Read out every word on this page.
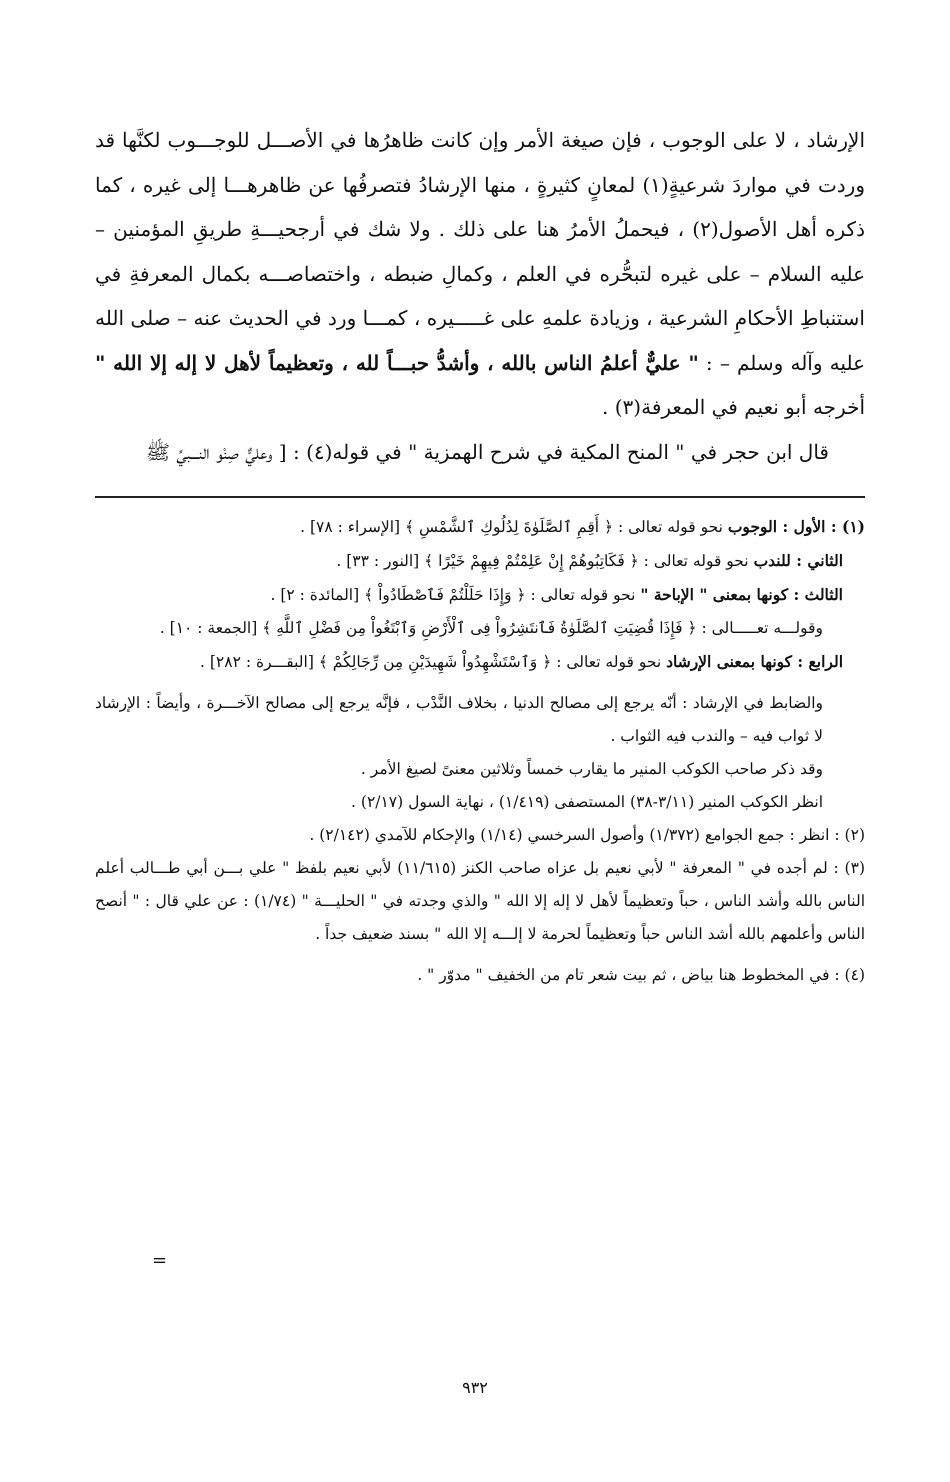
الإرشاد ، لا على الوجوب ، فإن صيغة الأمر وإن كانت ظاهرُها في الأصـــل للوجـــوب لكنَّها قد وردت في مواردَ شرعيةٍ(١) لمعانٍ كثيرةٍ ، منها الإرشادُ فتصرفُها عن ظاهرهـــا إلى غيره ، كما ذكره أهل الأصول(٢) ، فيحملُ الأمرُ هنا على ذلك . ولا شك في أرجحيـــةِ طريقِ المؤمنين – عليه السلام – على غيره لتبحُّره في العلم ، وكمالِ ضبطه ، واختصاصـــه بكمال المعرفةِ في استنباطِ الأحكامِ الشرعية ، وزيادة علمهِ على غـــــيره ، كمـــا ورد في الحديث عنه – صلى الله عليه وآله وسلم – : " عليٌّ أعلمُ الناس بالله ، وأشدُّ حبـــاً لله ، وتعظيماً لأهل لا إله إلا الله " أخرجه أبو نعيم في المعرفة(٣) .

قال ابن حجر في " المنح المكية في شرح الهمزية " في قوله(٤) : [ وعليٌّ صِنْو النـــبيِّ ﷺ

(١) : الأول : الوجوب نحو قوله تعالى : ﴿ أَقِمِ ٱلصَّلَوٰةَ لِدُلُوكِ ٱلشَّمْسِ ﴾ [الإسراء : ٧٨] .

الثاني : للندب نحو قوله تعالى : ﴿ فَكَاتِبُوهُمْ إِنْ عَلِمْتُمْ فِيهِمْ خَيْرًا ﴾ [النور : ٣٣] .

الثالث : كونها بمعنى " الإباحة " نحو قوله تعالى : ﴿ وَإِذَا حَلَلْتُمْ فَٱصْطَادُواْ ﴾ [المائدة : ٢] .

وقولـــه تعـــــالى : ﴿ فَإِذَا قُضِيَتِ ٱلصَّلَوٰةُ فَٱنتَشِرُواْ فِى ٱلْأَرْضِ وَٱبْتَغُواْ مِن فَضْلِ ٱللَّهِ ﴾ [الجمعة : ١٠] .

الرابع : كونها بمعنى الإرشاد نحو قوله تعالى : ﴿ وَٱسْتَشْهِدُواْ شَهِيدَيْنِ مِن رِّجَالِكُمْ ﴾ [البقـــرة : ٢٨٢] .

والضابط في الإرشاد : أنّه يرجع إلى مصالح الدنيا ، بخلاف النَّدْب ، فإنَّه يرجع إلى مصالح الآخـــرة ، وأيضاً : الإرشاد لا ثواب فيه – والندب فيه الثواب .

وقد ذكر صاحب الكوكب المنير ما يقارب خمساً وثلاثين معنىً لصيغ الأمر .

انظر الكوكب المنير (٣/١١-٣٨) المستصفى (١/٤١٩) ، نهاية السول (٢/١٧) .

(٢) : انظر : جمع الجوامع (١/٣٧٢) وأصول السرخسي (١/١٤) والإحكام للآمدي (٢/١٤٢) .

(٣) : لم أجده في " المعرفة " لأبي نعيم بل عزاه صاحب الكنز (١١/٦١٥) لأبي نعيم بلفظ " علي بـــن أبي طـــالب أعلم الناس بالله وأشد الناس ، حباً وتعظيماً لأهل لا إله إلا الله " والذي وجدته في " الحليـــة " (١/٧٤) : عن علي قال : " أنصح الناس وأعلمهم بالله أشد الناس حباً وتعظيماً لحرمة لا إلـــه إلا الله " بسند ضعيف جداً .

(٤) : في المخطوط هنا بياض ، ثم بيت شعر تام من الخفيف " مدوّر " .

=
٩٣٢
